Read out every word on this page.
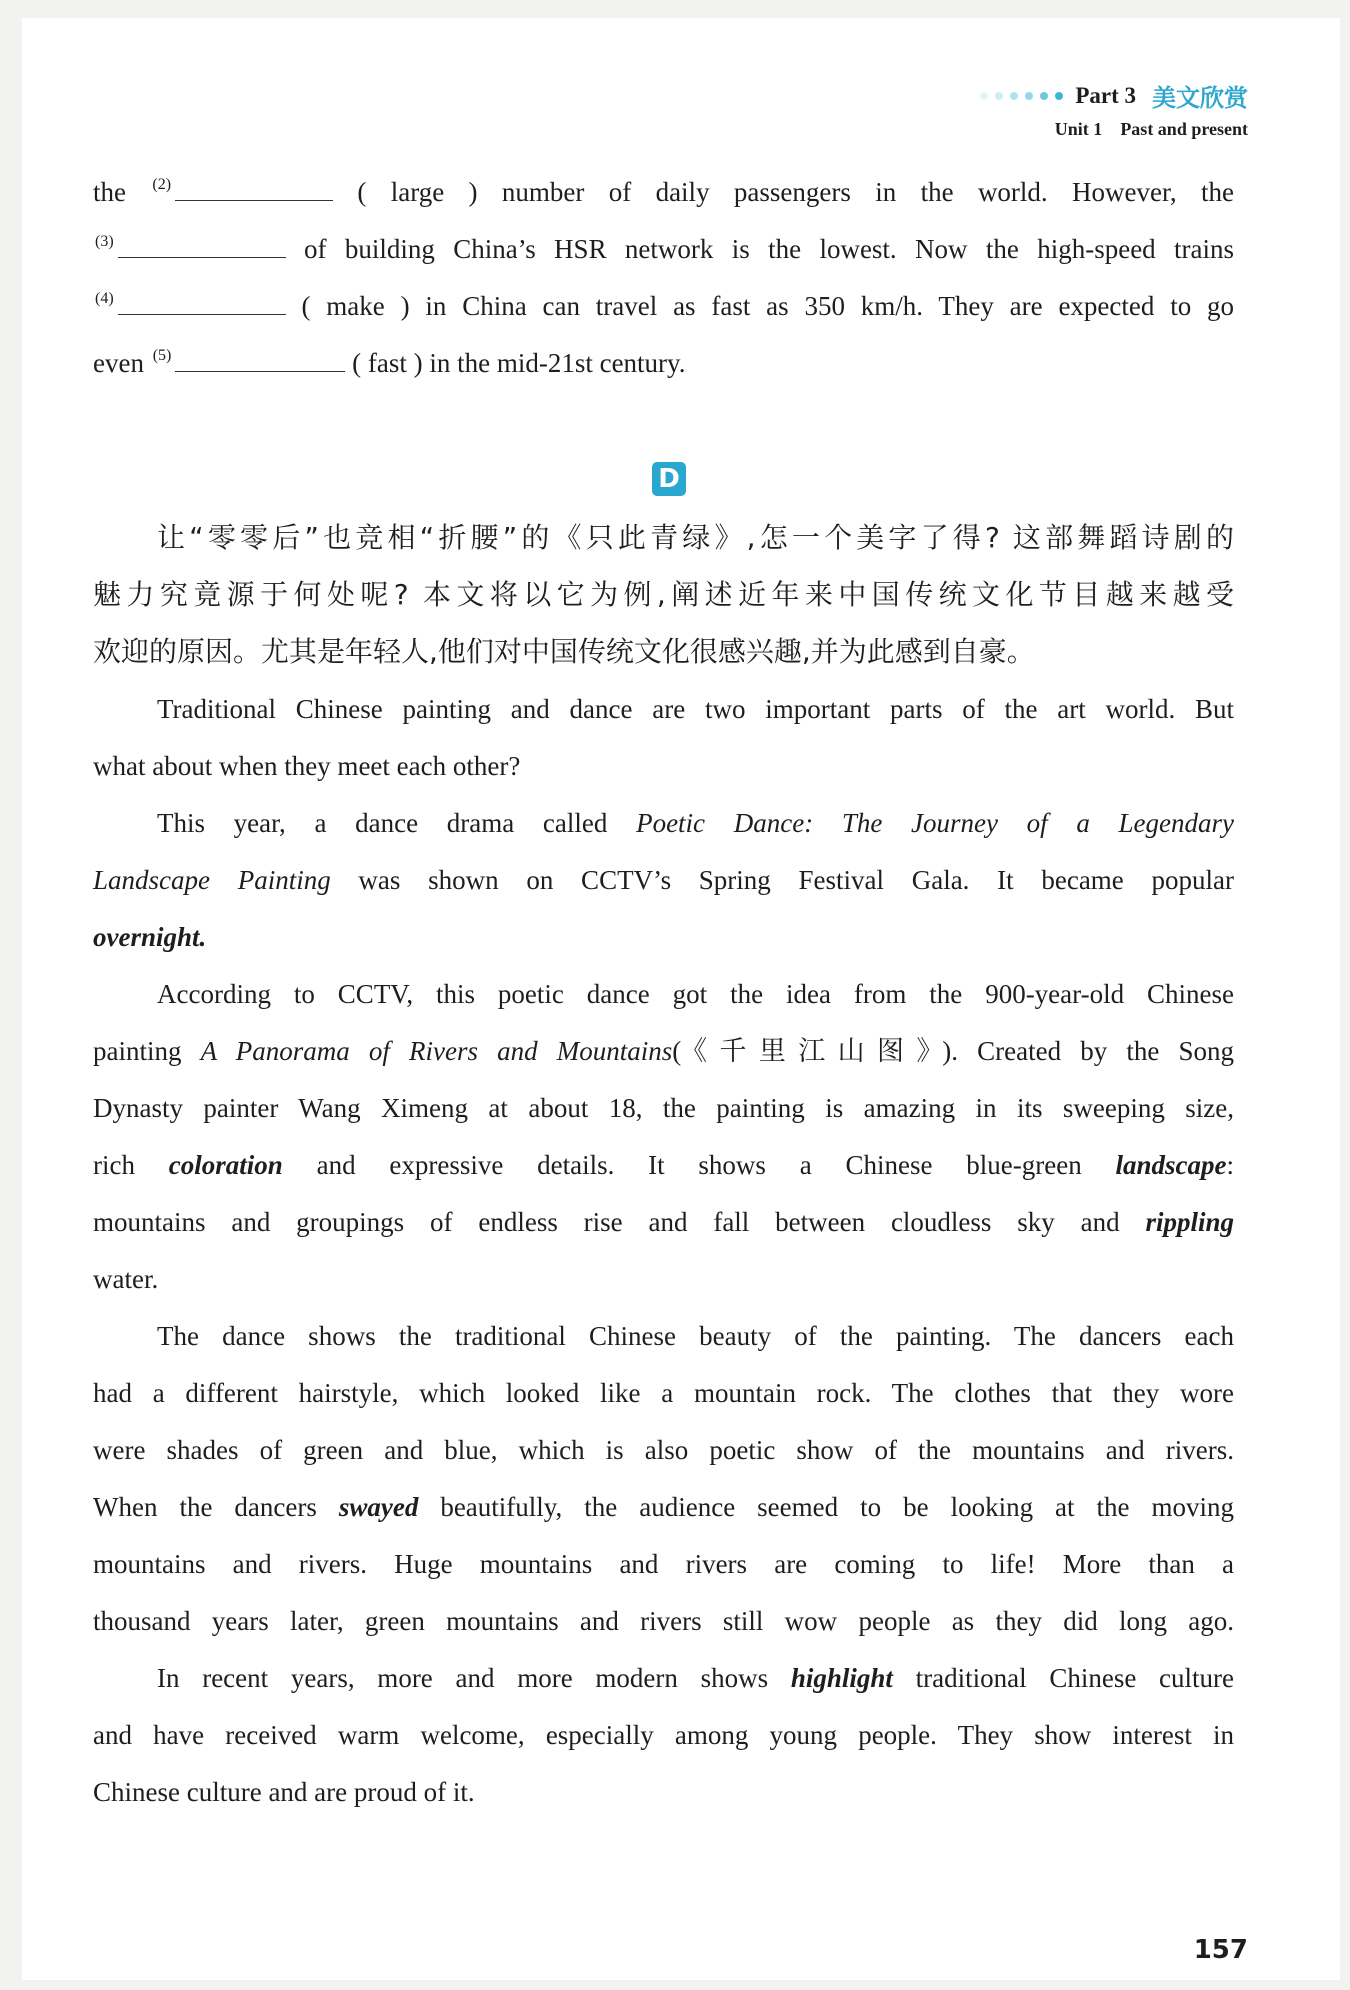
Part 3 美文欣赏
Unit 1 Past and present
the $^{(2)}$	( large ) number of daily passengers in the world. However, the
$^{(3)}$	of building China’s HSR network is the lowest. Now the high-speed trains
$^{(4)}$	( make ) in China can travel as fast as 350 km/h. They are expected to go
even $^{(5)}$	( fast ) in the mid-21st century.
D
让“零零后”也竞相“折腰”的《只此青绿》,怎一个美字了得? 这部舞蹈诗剧的
魅力究竟源于何处呢? 本文将以它为例,阐述近年来中国传统文化节目越来越受
欢迎的原因。尤其是年轻人,他们对中国传统文化很感兴趣,并为此感到自豪。
Traditional Chinese painting and dance are two important parts of the art world. But
what about when they meet each other?
This year, a dance drama called Poetic Dance: The Journey of a Legendary
Landscape Painting was shown on CCTV’s Spring Festival Gala. It became popular
overnight.
According to CCTV, this poetic dance got the idea from the 900-year-old Chinese
painting A Panorama of Rivers and Mountains(《千里江山图》). Created by the Song
Dynasty painter Wang Ximeng at about 18, the painting is amazing in its sweeping size,
rich coloration and expressive details. It shows a Chinese blue-green landscape:
mountains and groupings of endless rise and fall between cloudless sky and rippling
water.
The dance shows the traditional Chinese beauty of the painting. The dancers each
had a different hairstyle, which looked like a mountain rock. The clothes that they wore
were shades of green and blue, which is also poetic show of the mountains and rivers.
When the dancers swayed beautifully, the audience seemed to be looking at the moving
mountains and rivers. Huge mountains and rivers are coming to life! More than a
thousand years later, green mountains and rivers still wow people as they did long ago.
In recent years, more and more modern shows highlight traditional Chinese culture
and have received warm welcome, especially among young people. They show interest in
Chinese culture and are proud of it.
157
